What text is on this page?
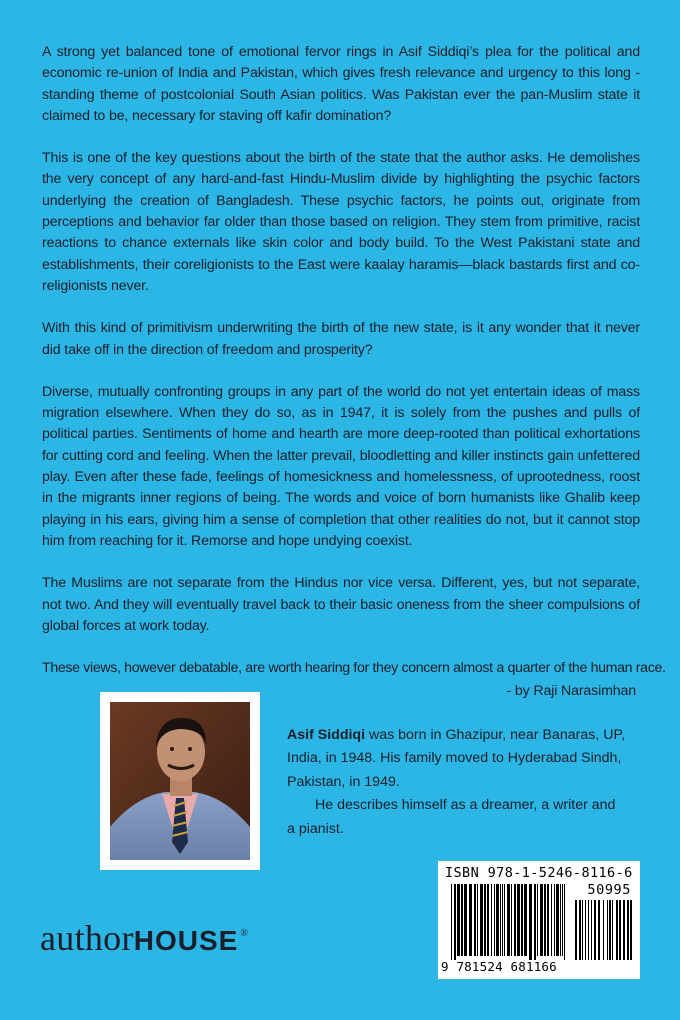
A strong yet balanced tone of emotional fervor rings in Asif Siddiqi’s plea for the political and economic re-union of India and Pakistan, which gives fresh relevance and urgency to this long -standing theme of postcolonial South Asian politics. Was Pakistan ever the pan-Muslim state it claimed to be, necessary for staving off kafir domination?

This is one of the key questions about the birth of the state that the author asks. He demolishes the very concept of any hard-and-fast Hindu-Muslim divide by highlighting the psychic factors underlying the creation of Bangladesh. These psychic factors, he points out, originate from perceptions and behavior far older than those based on religion. They stem from primitive, racist reactions to chance externals like skin color and body build. To the West Pakistani state and establishments, their coreligionists to the East were kaalay haramis—black bastards first and co-religionists never.

With this kind of primitivism underwriting the birth of the new state, is it any wonder that it never did take off in the direction of freedom and prosperity?

Diverse, mutually confronting groups in any part of the world do not yet entertain ideas of mass migration elsewhere. When they do so, as in 1947, it is solely from the pushes and pulls of political parties. Sentiments of home and hearth are more deep-rooted than political exhortations for cutting cord and feeling. When the latter prevail, bloodletting and killer instincts gain unfettered play. Even after these fade, feelings of homesickness and homelessness, of uprootedness, roost in the migrants inner regions of being. The words and voice of born humanists like Ghalib keep playing in his ears, giving him a sense of completion that other realities do not, but it cannot stop him from reaching for it. Remorse and hope undying coexist.

The Muslims are not separate from the Hindus nor vice versa. Different, yes, but not separate, not two. And they will eventually travel back to their basic oneness from the sheer compulsions of global forces at work today.

These views, however debatable, are worth hearing for they concern almost a quarter of the human race.

- by Raji Narasimhan

Asif Siddiqi was born in Ghazipur, near Banaras, UP, India, in 1948. His family moved to Hyderabad Sindh, Pakistan, in 1949.

He describes himself as a dreamer, a writer and a pianist.

ISBN 978-1-5246-8116-6
50995
9 781524 681166
authorHOUSE ®
